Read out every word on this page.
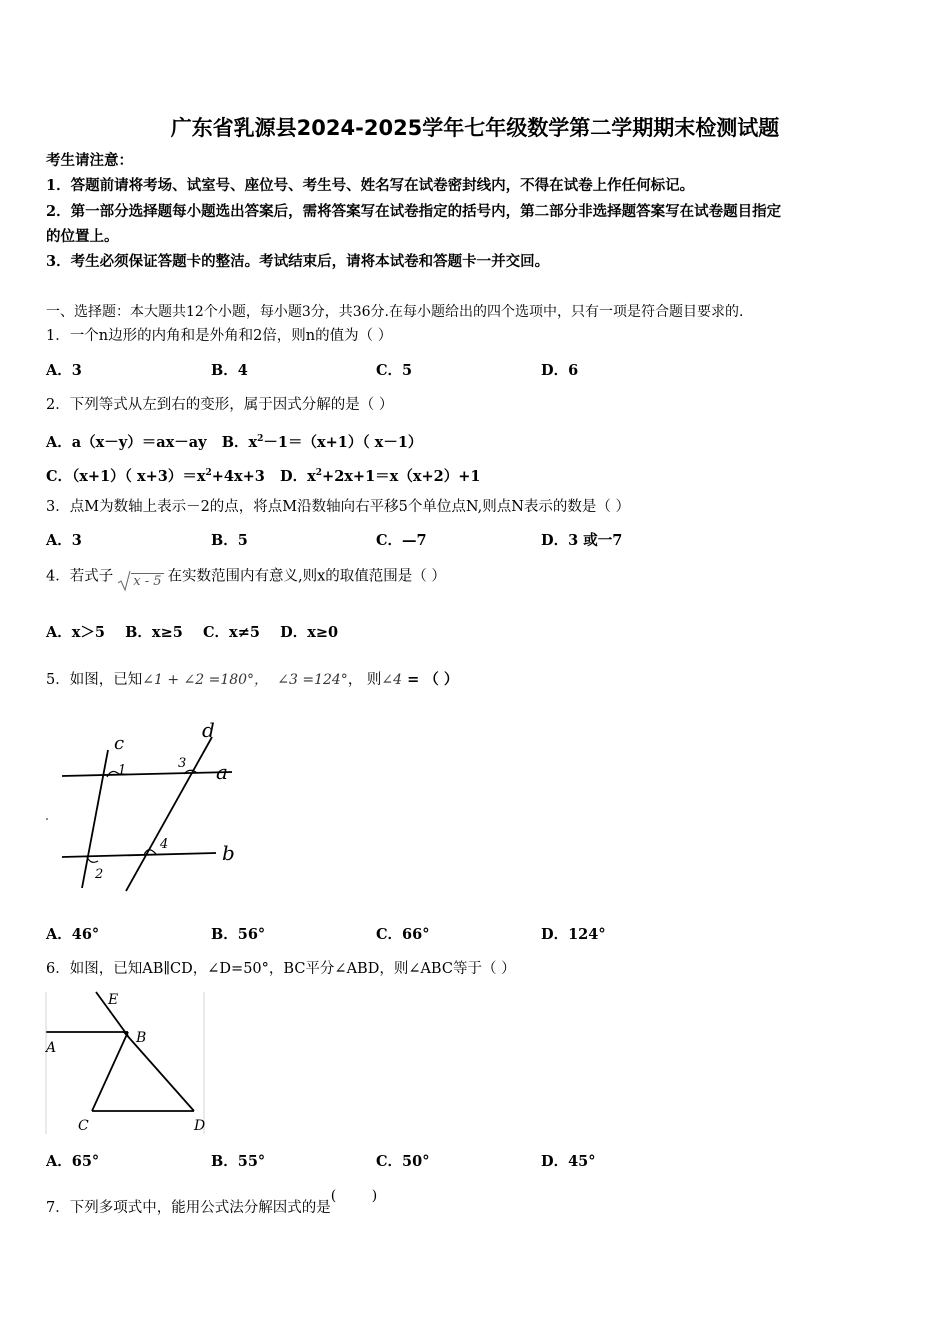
广东省乳源县2024-2025学年七年级数学第二学期期末检测试题
考生请注意：
1．答题前请将考场、试室号、座位号、考生号、姓名写在试卷密封线内，不得在试卷上作任何标记。
2．第一部分选择题每小题选出答案后，需将答案写在试卷指定的括号内，第二部分非选择题答案写在试卷题目指定
的位置上。
3．考生必须保证答题卡的整洁。考试结束后，请将本试卷和答题卡一并交回。
一、选择题：本大题共12个小题，每小题3分，共36分.在每小题给出的四个选项中，只有一项是符合题目要求的.
1．一个n边形的内角和是外角和2倍，则n的值为（ ）
A．3	B．4	C．5	D．6
2．下列等式从左到右的变形，属于因式分解的是（ ）
A．a（x－y）＝ax－ay B．$x^2-1=(x+1)$（ x－1）
C．（x+1）（ $x+3)=x^2+4x+3$ D．$x^2+2x+1=x(x+2)+1$
3．点M为数轴上表示－2的点，将点M沿数轴向右平移5个单位点N,则点N表示的数是（ ）
A．3	B．5	C．—7	D．3 或一7
4．若式子 x - 5 在实数范围内有意义,则x的取值范围是（ ）
A．x＞5    B．x≥5    C．x≠5    D．x≥0
5．如图，已知∠1 + ∠2 =180°， ∠3 =124°， 则∠4 = （ ）
c
d
a
b
1	3
4
2
A．46°	B．56°	C．66°	D．124°
6．如图，已知AB∥CD，∠D=50°，BC平分∠ABD，则∠ABC等于（ ）
E
A
B
C	D
A．65°	B．55°	C．50°	D．45°
7．下列多项式中，能用公式法分解因式的是(        )
